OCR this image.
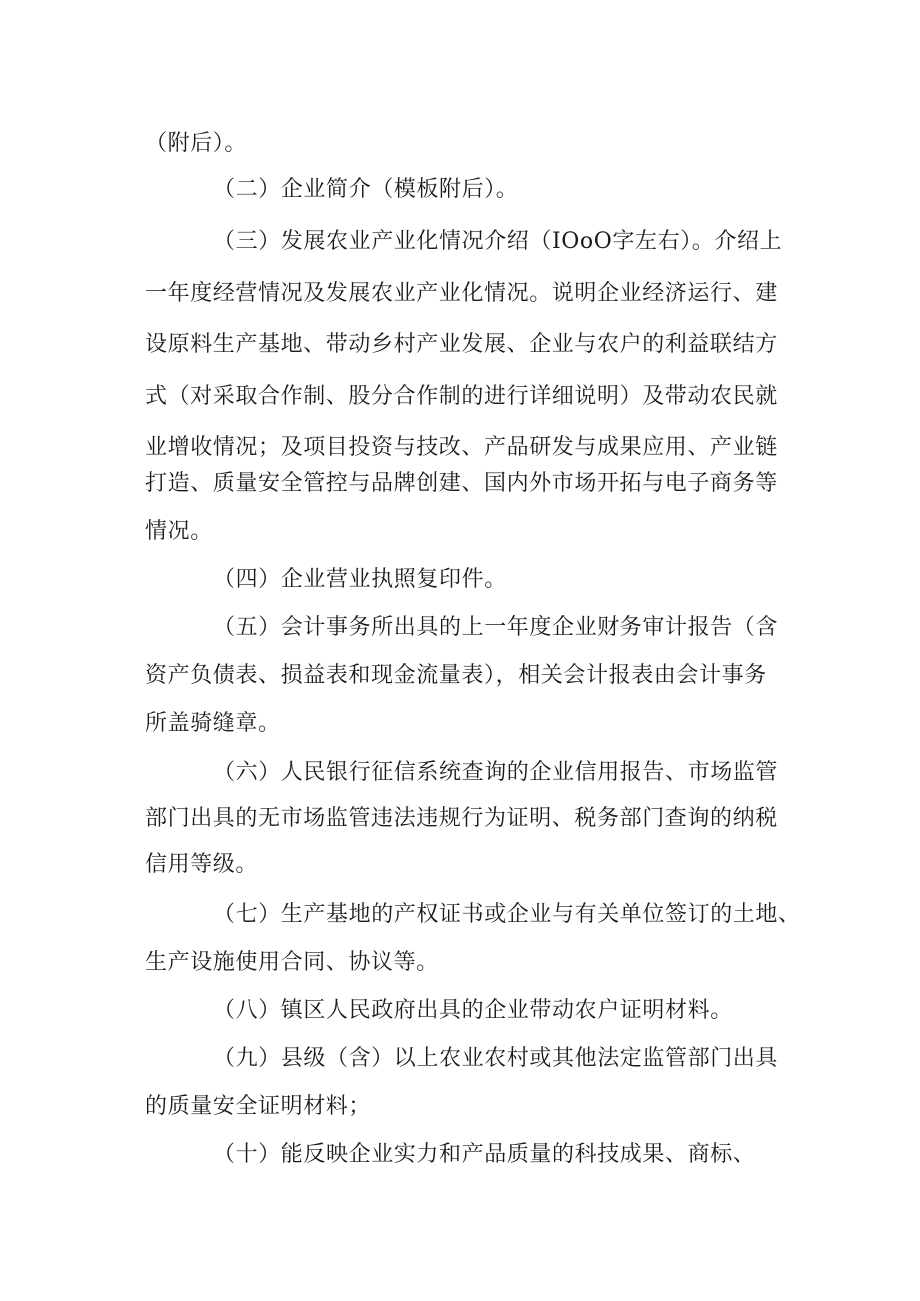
（附后）。
（二）企业简介（模板附后）。
（三）发展农业产业化情况介绍（IOoO字左右）。介绍上
一年度经营情况及发展农业产业化情况。说明企业经济运行、建
设原料生产基地、带动乡村产业发展、企业与农户的利益联结方
式（对采取合作制、股分合作制的进行详细说明）及带动农民就
业增收情况；及项目投资与技改、产品研发与成果应用、产业链
打造、质量安全管控与品牌创建、国内外市场开拓与电子商务等
情况。
（四）企业营业执照复印件。
（五）会计事务所出具的上一年度企业财务审计报告（含
资产负债表、损益表和现金流量表），相关会计报表由会计事务
所盖骑缝章。
（六）人民银行征信系统查询的企业信用报告、市场监管
部门出具的无市场监管违法违规行为证明、税务部门查询的纳税
信用等级。
（七）生产基地的产权证书或企业与有关单位签订的土地、
生产设施使用合同、协议等。
（八）镇区人民政府出具的企业带动农户证明材料。
（九）县级（含）以上农业农村或其他法定监管部门出具
的质量安全证明材料；
（十）能反映企业实力和产品质量的科技成果、商标、
